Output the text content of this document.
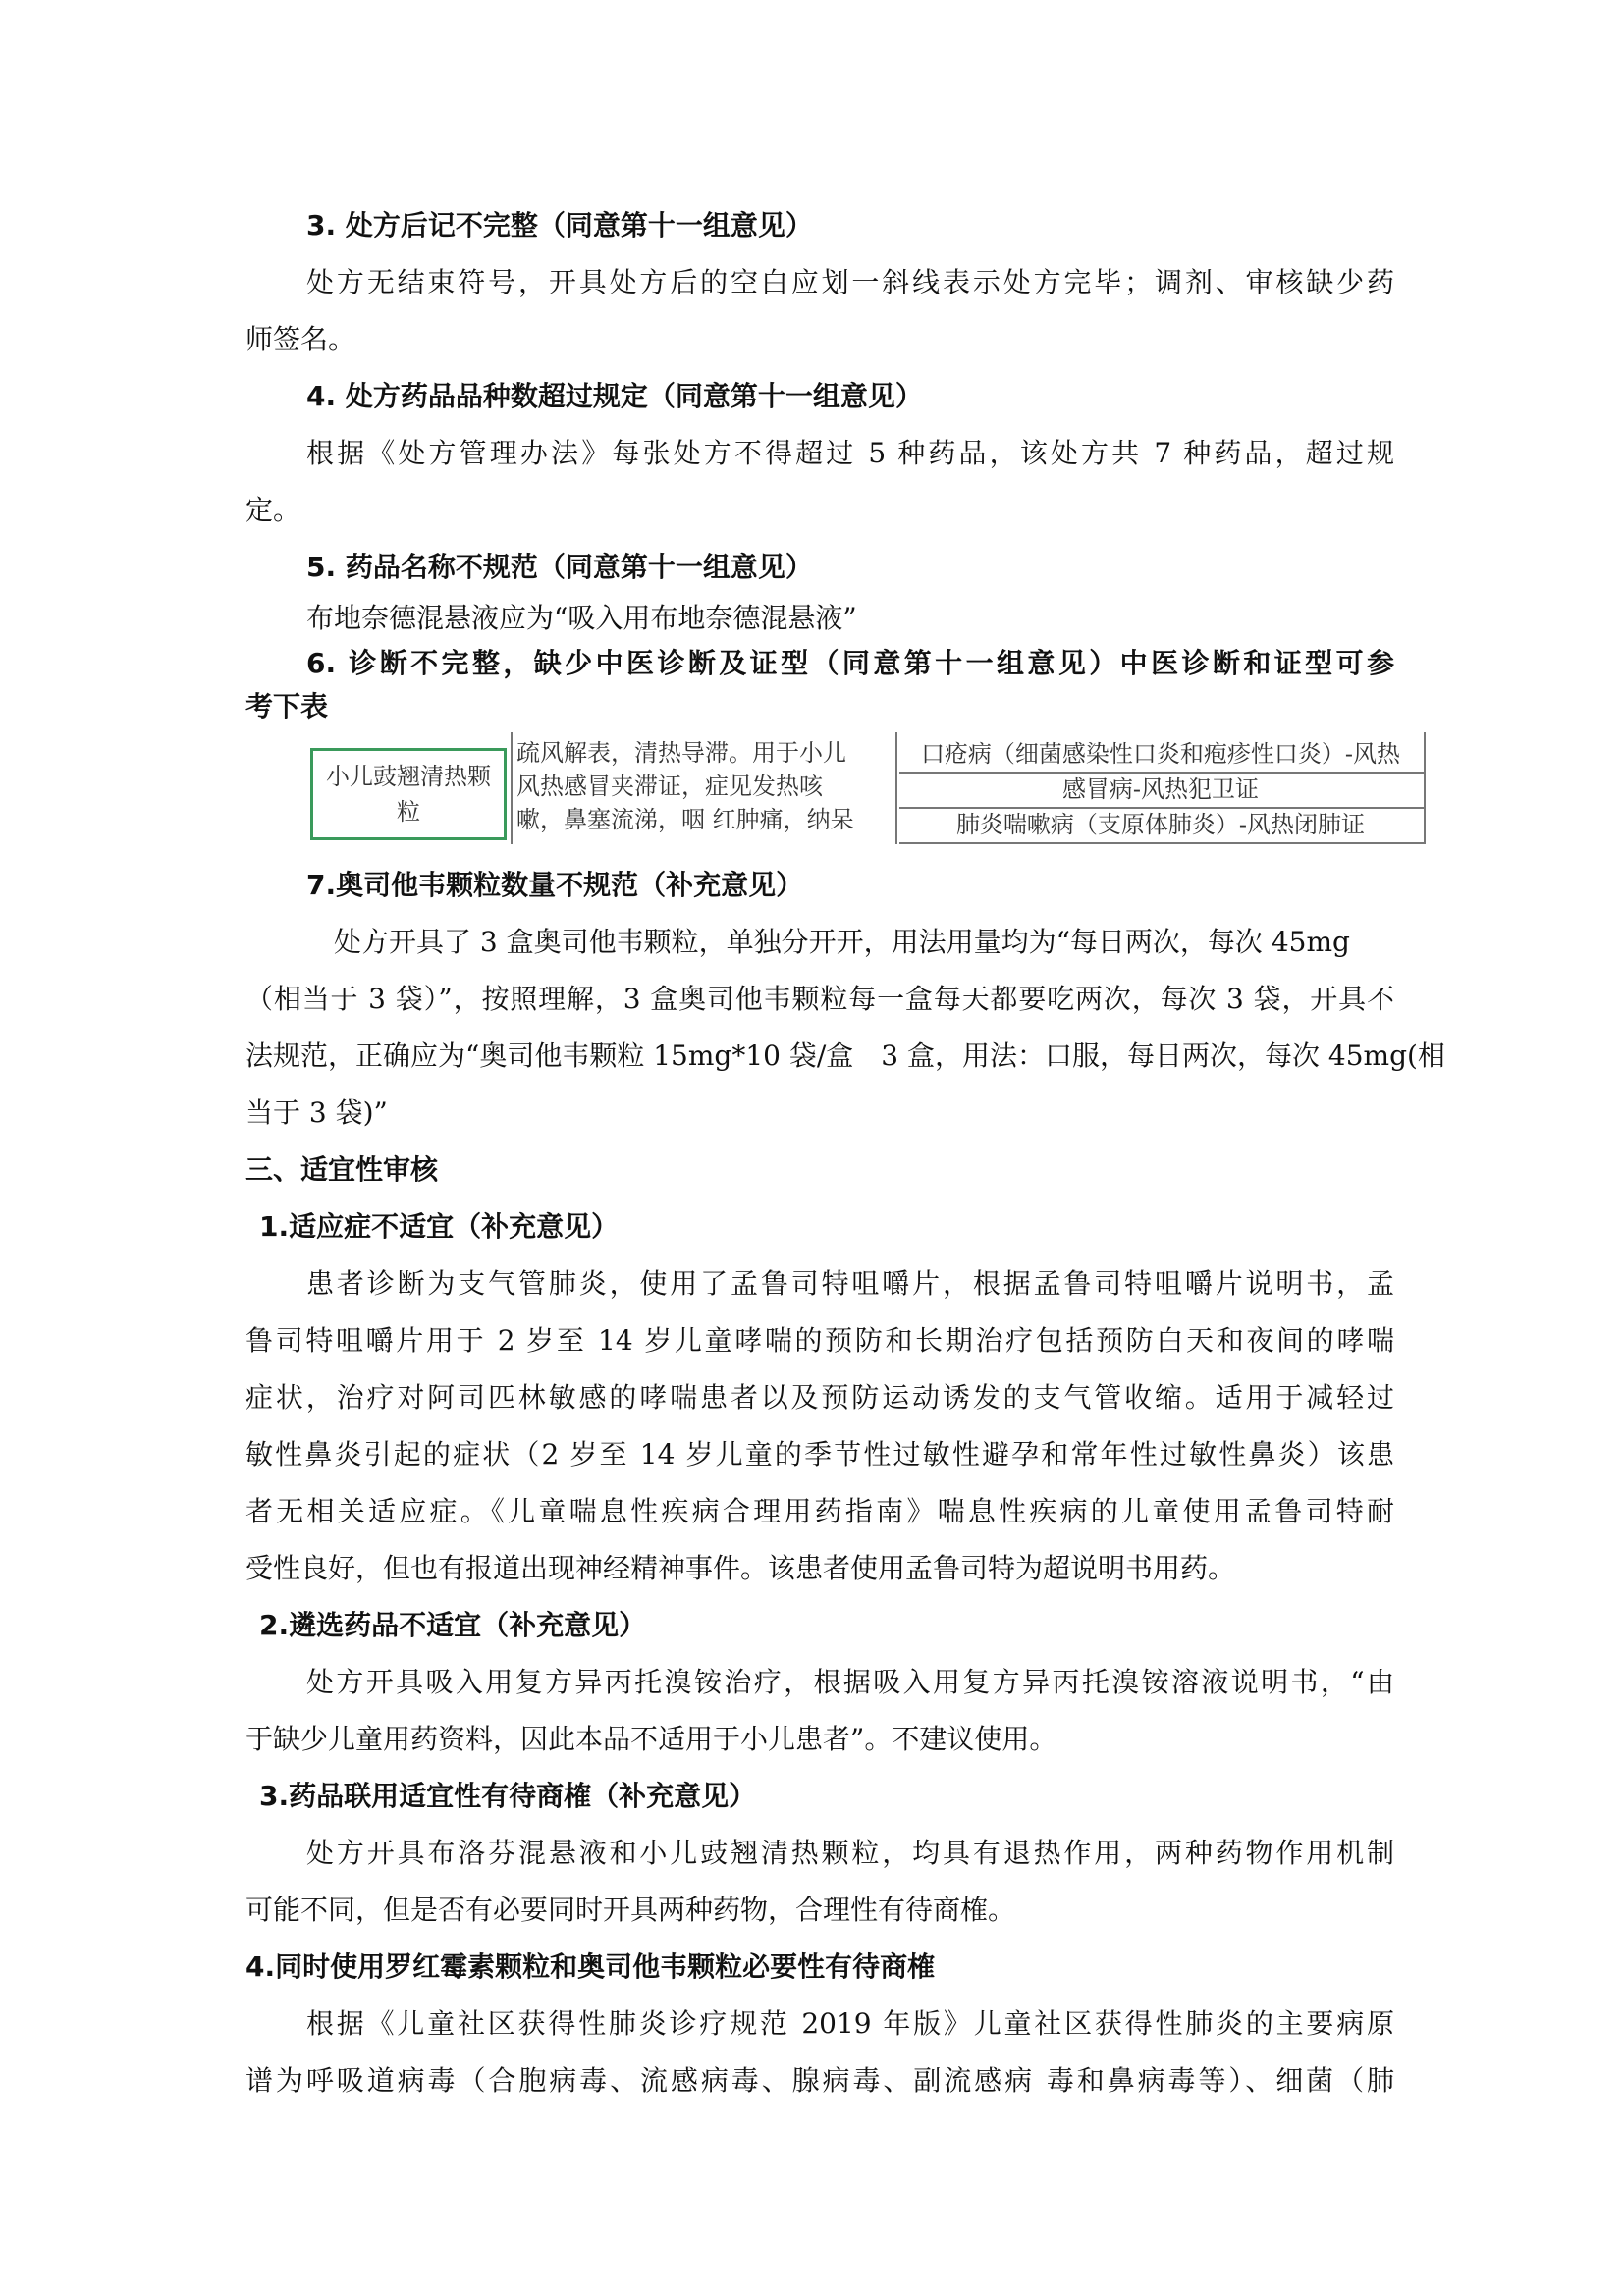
3. 处方后记不完整（同意第十一组意见）
处方无结束符号，开具处方后的空白应划一斜线表示处方完毕；调剂、审核缺少药
师签名。
4. 处方药品品种数超过规定（同意第十一组意见）
根据《处方管理办法》每张处方不得超过 5 种药品，该处方共 7 种药品，超过规
定。
5. 药品名称不规范（同意第十一组意见）
布地奈德混悬液应为“吸入用布地奈德混悬液”
6. 诊断不完整，缺少中医诊断及证型（同意第十一组意见）中医诊断和证型可参
考下表
小儿豉翘清热颗粒
疏风解表，清热导滞。用于小儿
风热感冒夹滞证，症见发热咳
嗽，鼻塞流涕，咽 红肿痛，纳呆
口疮病（细菌感染性口炎和疱疹性口炎）-风热
感冒病-风热犯卫证
肺炎喘嗽病（支原体肺炎）-风热闭肺证
7.奥司他韦颗粒数量不规范（补充意见）
处方开具了 3 盒奥司他韦颗粒，单独分开开，用法用量均为“每日两次，每次 45mg
（相当于 3 袋）”，按照理解，3 盒奥司他韦颗粒每一盒每天都要吃两次，每次 3 袋，开具不
法规范，正确应为“奥司他韦颗粒 15mg*10 袋/盒　3 盒，用法：口服，每日两次，每次 45mg(相
当于 3 袋)”
三、适宜性审核
1.适应症不适宜（补充意见）
患者诊断为支气管肺炎，使用了孟鲁司特咀嚼片，根据孟鲁司特咀嚼片说明书，孟
鲁司特咀嚼片用于 2 岁至 14 岁儿童哮喘的预防和长期治疗包括预防白天和夜间的哮喘
症状，治疗对阿司匹林敏感的哮喘患者以及预防运动诱发的支气管收缩。适用于减轻过
敏性鼻炎引起的症状（2 岁至 14 岁儿童的季节性过敏性避孕和常年性过敏性鼻炎）该患
者无相关适应症。《儿童喘息性疾病合理用药指南》喘息性疾病的儿童使用孟鲁司特耐
受性良好，但也有报道出现神经精神事件。该患者使用孟鲁司特为超说明书用药。
2.遴选药品不适宜（补充意见）
处方开具吸入用复方异丙托溴铵治疗，根据吸入用复方异丙托溴铵溶液说明书，“由
于缺少儿童用药资料，因此本品不适用于小儿患者”。不建议使用。
3.药品联用适宜性有待商榷（补充意见）
处方开具布洛芬混悬液和小儿豉翘清热颗粒，均具有退热作用，两种药物作用机制
可能不同，但是否有必要同时开具两种药物，合理性有待商榷。
4.同时使用罗红霉素颗粒和奥司他韦颗粒必要性有待商榷
根据《儿童社区获得性肺炎诊疗规范 2019 年版》儿童社区获得性肺炎的主要病原
谱为呼吸道病毒（合胞病毒、流感病毒、腺病毒、副流感病 毒和鼻病毒等）、细菌（肺
